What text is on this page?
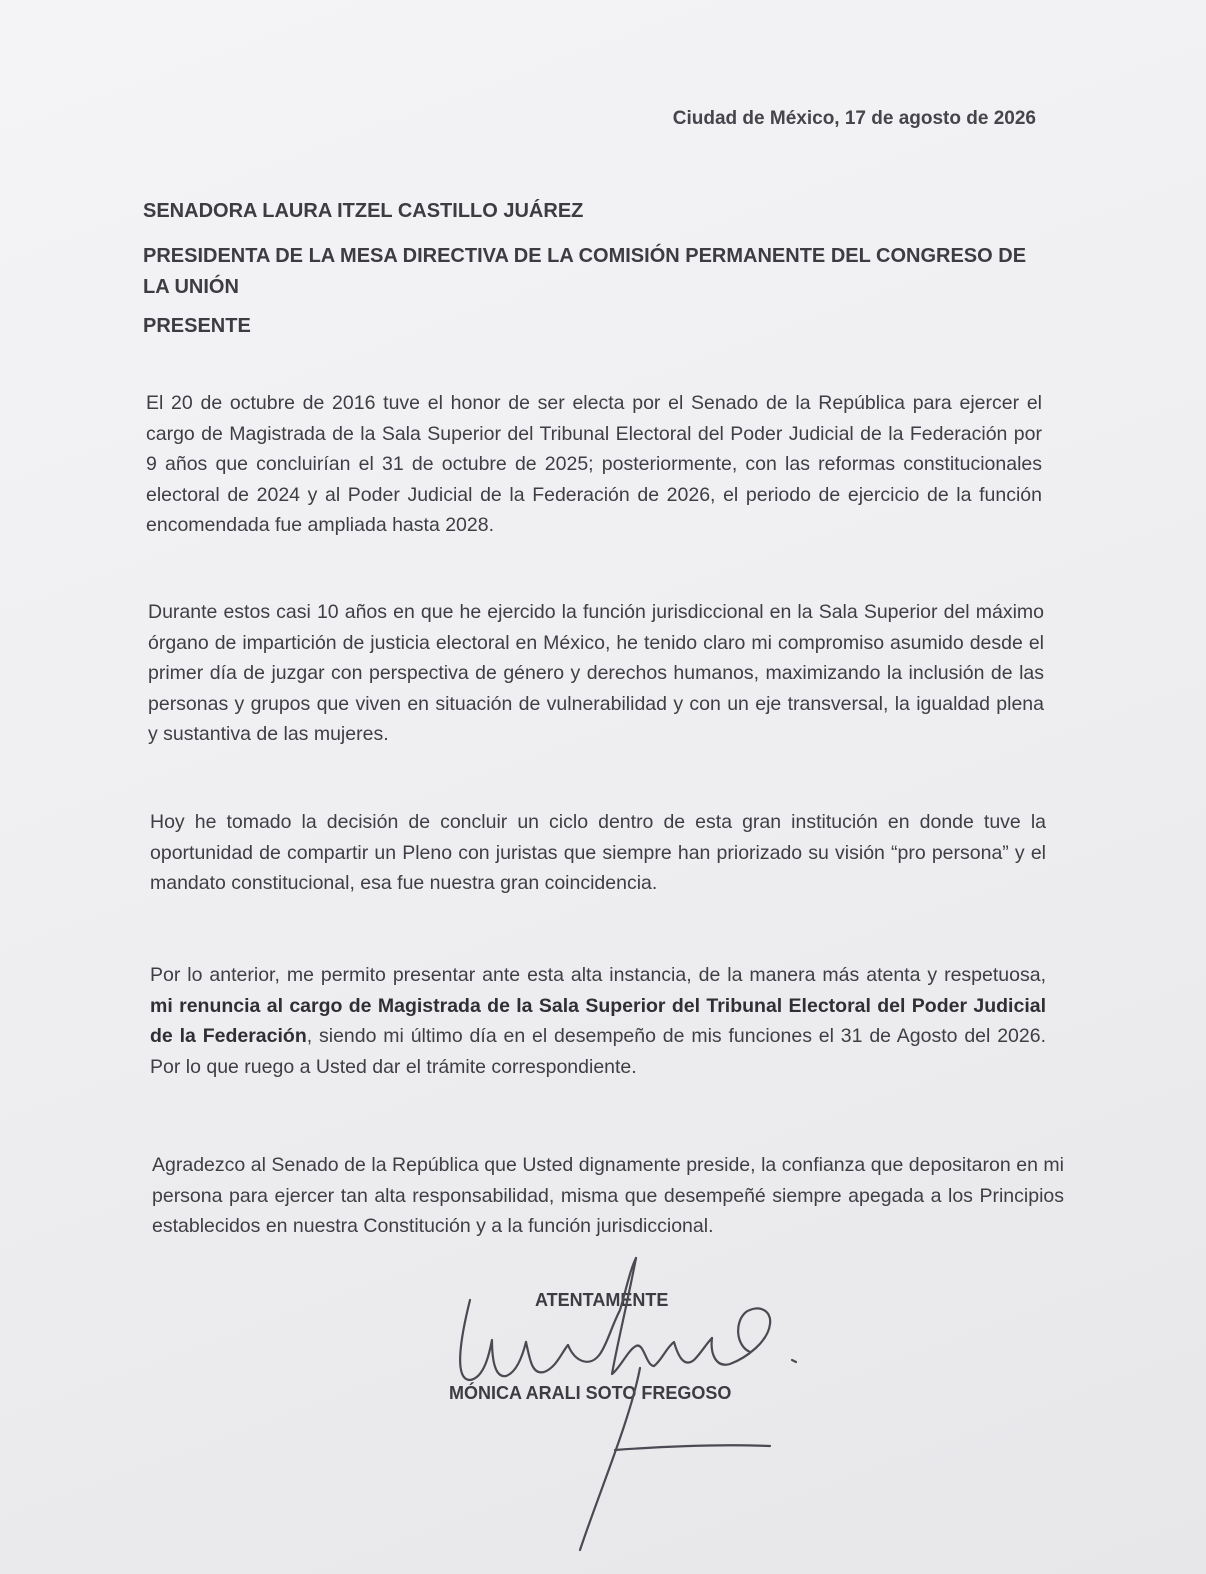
Ciudad de México, 17 de agosto de 2026

SENADORA LAURA ITZEL CASTILLO JUÁREZ

PRESIDENTA DE LA MESA DIRECTIVA DE LA COMISIÓN PERMANENTE DEL CONGRESO DE LA UNIÓN

PRESENTE

El 20 de octubre de 2016 tuve el honor de ser electa por el Senado de la República para ejercer el cargo de Magistrada de la Sala Superior del Tribunal Electoral del Poder Judicial de la Federación por 9 años que concluirían el 31 de octubre de 2025; posteriormente, con las reformas constitucionales electoral de 2024 y al Poder Judicial de la Federación de 2026, el periodo de ejercicio de la función encomendada fue ampliada hasta 2028.

Durante estos casi 10 años en que he ejercido la función jurisdiccional en la Sala Superior del máximo órgano de impartición de justicia electoral en México, he tenido claro mi compromiso asumido desde el primer día de juzgar con perspectiva de género y derechos humanos, maximizando la inclusión de las personas y grupos que viven en situación de vulnerabilidad y con un eje transversal, la igualdad plena y sustantiva de las mujeres.

Hoy he tomado la decisión de concluir un ciclo dentro de esta gran institución en donde tuve la oportunidad de compartir un Pleno con juristas que siempre han priorizado su visión “pro persona” y el mandato constitucional, esa fue nuestra gran coincidencia.

Por lo anterior, me permito presentar ante esta alta instancia, de la manera más atenta y respetuosa, mi renuncia al cargo de Magistrada de la Sala Superior del Tribunal Electoral del Poder Judicial de la Federación, siendo mi último día en el desempeño de mis funciones el 31 de Agosto del 2026. Por lo que ruego a Usted dar el trámite correspondiente.

Agradezco al Senado de la República que Usted dignamente preside, la confianza que depositaron en mi persona para ejercer tan alta responsabilidad, misma que desempeñé siempre apegada a los Principios establecidos en nuestra Constitución y a la función jurisdiccional.

ATENTAMENTE
MÓNICA ARALI SOTO FREGOSO
